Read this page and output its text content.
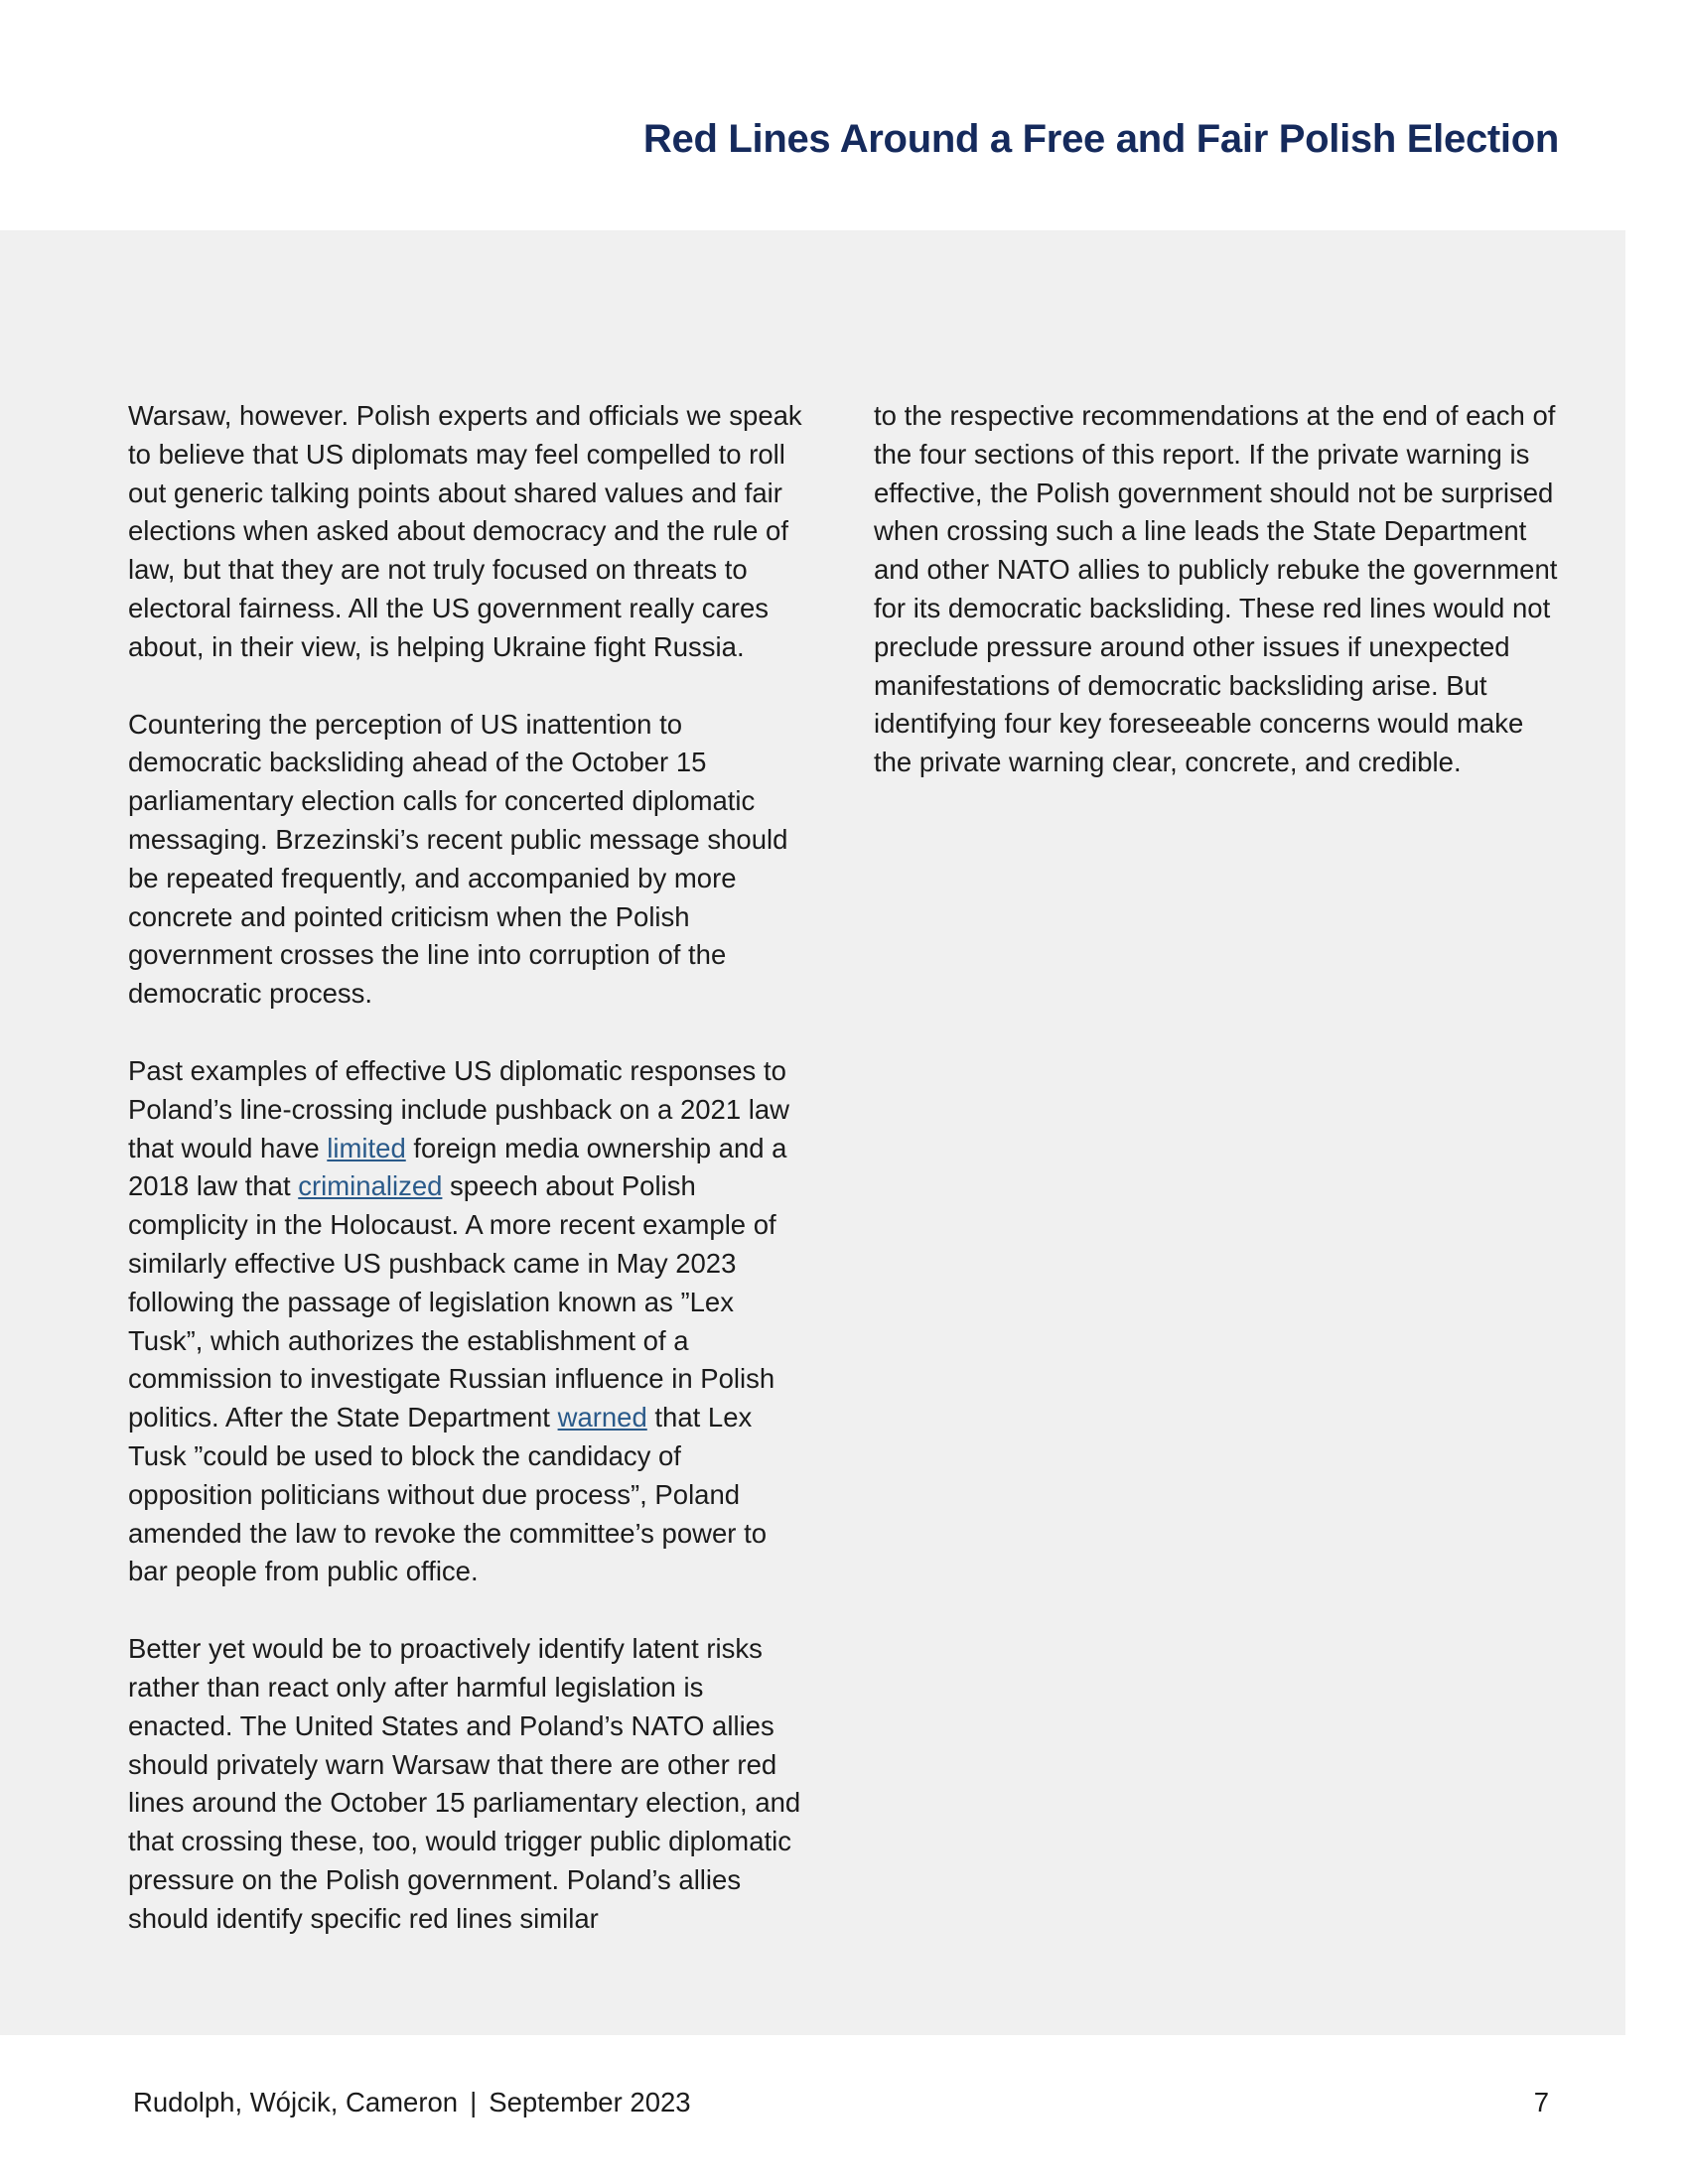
Red Lines Around a Free and Fair Polish Election

Warsaw, however. Polish experts and officials we speak to believe that US diplomats may feel compelled to roll out generic talking points about shared values and fair elections when asked about democracy and the rule of law, but that they are not truly focused on threats to electoral fairness. All the US government really cares about, in their view, is helping Ukraine fight Russia.

Countering the perception of US inattention to democratic backsliding ahead of the October 15 parliamentary election calls for concerted diplomatic messaging. Brzezinski’s recent public message should be repeated frequently, and accompanied by more concrete and pointed criticism when the Polish government crosses the line into corruption of the democratic process.

Past examples of effective US diplomatic responses to Poland’s line-crossing include pushback on a 2021 law that would have limited foreign media ownership and a 2018 law that criminalized speech about Polish complicity in the Holocaust. A more recent example of similarly effective US pushback came in May 2023 following the passage of legislation known as ”Lex Tusk”, which authorizes the establishment of a commission to investigate Russian influence in Polish politics. After the State Department warned that Lex Tusk ”could be used to block the candidacy of opposition politicians without due process”, Poland amended the law to revoke the committee’s power to bar people from public office.

Better yet would be to proactively identify latent risks rather than react only after harmful legislation is enacted. The United States and Poland’s NATO allies should privately warn Warsaw that there are other red lines around the October 15 parliamentary election, and that crossing these, too, would trigger public diplomatic pressure on the Polish government. Poland’s allies should identify specific red lines similar

to the respective recommendations at the end of each of the four sections of this report. If the private warning is effective, the Polish government should not be surprised when crossing such a line leads the State Department and other NATO allies to publicly rebuke the government for its democratic backsliding. These red lines would not preclude pressure around other issues if unexpected manifestations of democratic backsliding arise. But identifying four key foreseeable concerns would make the private warning clear, concrete, and credible.

Rudolph, Wójcik, Cameron | September 2023	7
